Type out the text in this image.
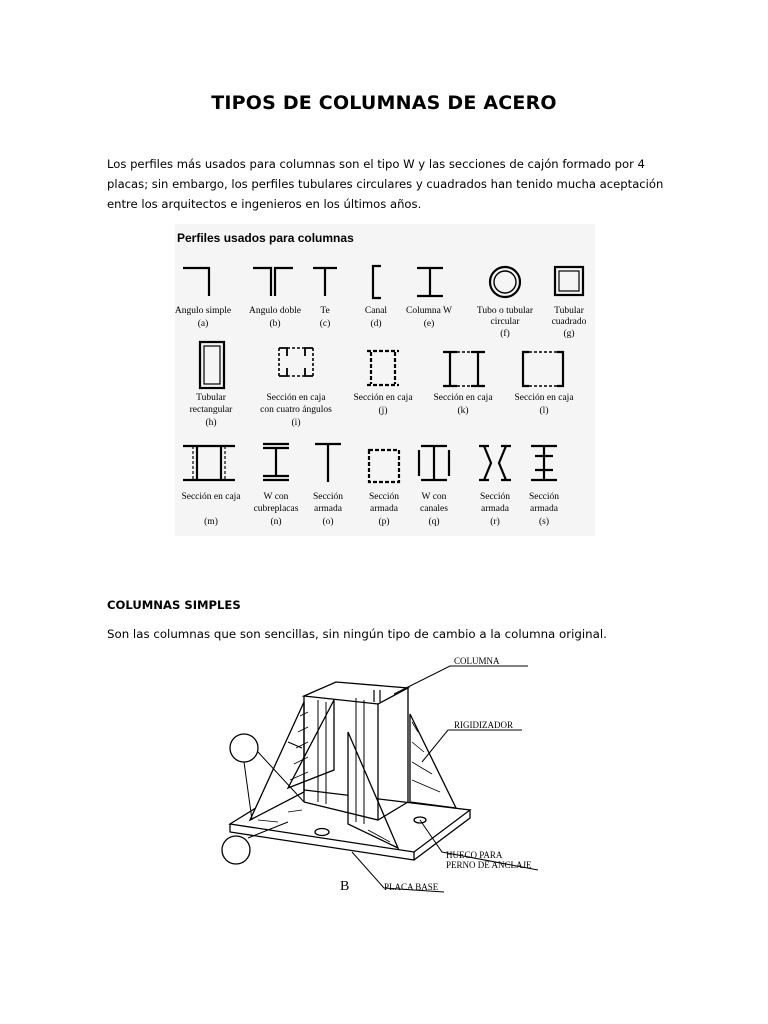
TIPOS DE COLUMNAS DE ACERO
Los perfiles más usados para columnas son el tipo W y las secciones de cajón formado por 4
placas; sin embargo, los perfiles tubulares circulares y cuadrados han tenido mucha aceptación
entre los arquitectos e ingenieros en los últimos años.
Perfiles usados para columnas
Angulo simple
(a)
Angulo doble
(b)
Te
(c)
Canal
(d)
Columna W
(e)
Tubo o tubular
circular
(f)
Tubular
cuadrado
(g)
Tubular
rectangular
(h)
Sección en caja
con cuatro ángulos
(i)
Sección en caja
(j)
Sección en caja
(k)
Sección en caja
(l)
Sección en caja
(m)
W con
cubreplacas
(n)
Sección
armada
(o)
Sección
armada
(p)
W con
canales
(q)
Sección
armada
(r)
Sección
armada
(s)
COLUMNAS SIMPLES
Son las columnas que son sencillas, sin ningún tipo de cambio a la columna original.
COLUMNA
RIGIDIZADOR
HUECO PARA
PERNO DE ANCLAJE
PLACA BASE
B
